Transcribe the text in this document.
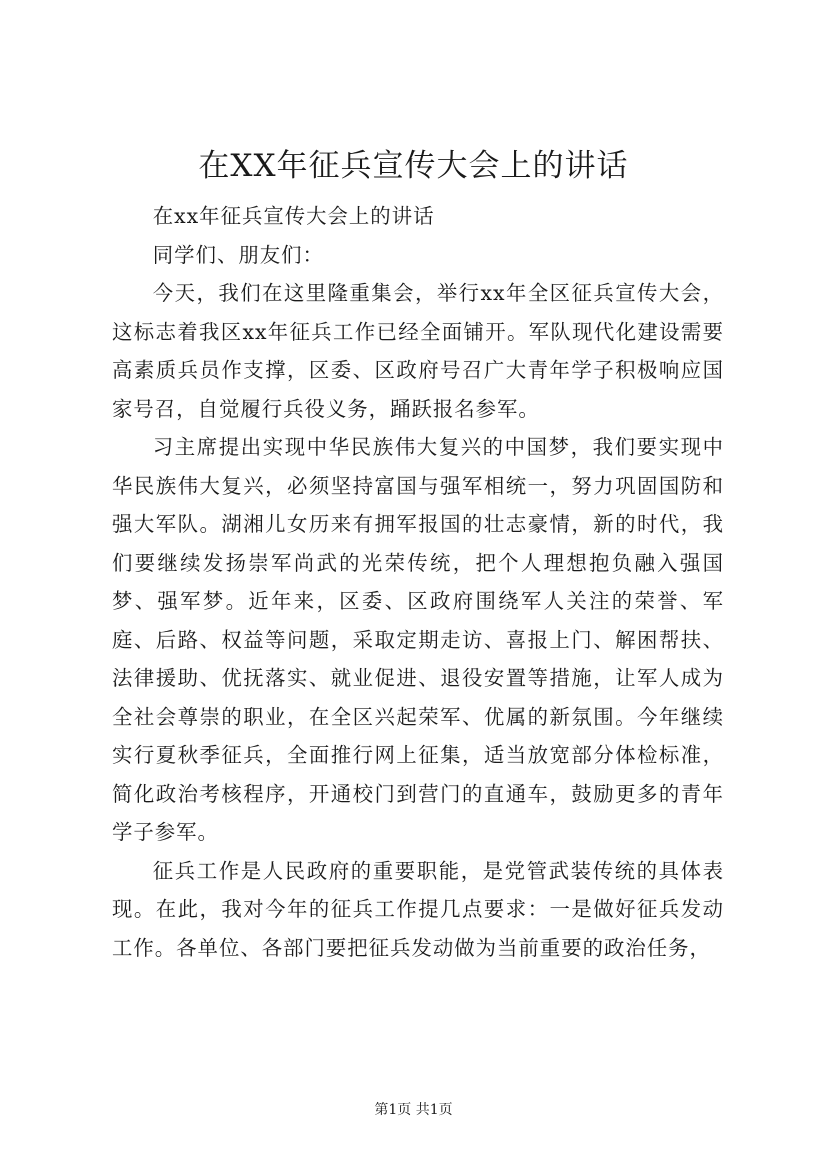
在XX年征兵宣传大会上的讲话

在xx年征兵宣传大会上的讲话

同学们、朋友们：

今天，我们在这里隆重集会，举行xx年全区征兵宣传大会，这标志着我区xx年征兵工作已经全面铺开。军队现代化建设需要高素质兵员作支撑，区委、区政府号召广大青年学子积极响应国家号召，自觉履行兵役义务，踊跃报名参军。

习主席提出实现中华民族伟大复兴的中国梦，我们要实现中华民族伟大复兴，必须坚持富国与强军相统一，努力巩固国防和强大军队。湖湘儿女历来有拥军报国的壮志豪情，新的时代，我们要继续发扬崇军尚武的光荣传统，把个人理想抱负融入强国梦、强军梦。近年来，区委、区政府围绕军人关注的荣誉、军庭、后路、权益等问题，采取定期走访、喜报上门、解困帮扶、法律援助、优抚落实、就业促进、退役安置等措施，让军人成为全社会尊崇的职业，在全区兴起荣军、优属的新氛围。今年继续实行夏秋季征兵，全面推行网上征集，适当放宽部分体检标准，简化政治考核程序，开通校门到营门的直通车，鼓励更多的青年学子参军。

征兵工作是人民政府的重要职能，是党管武装传统的具体表现。在此，我对今年的征兵工作提几点要求：一是做好征兵发动工作。各单位、各部门要把征兵发动做为当前重要的政治任务，

第1页 共1页
